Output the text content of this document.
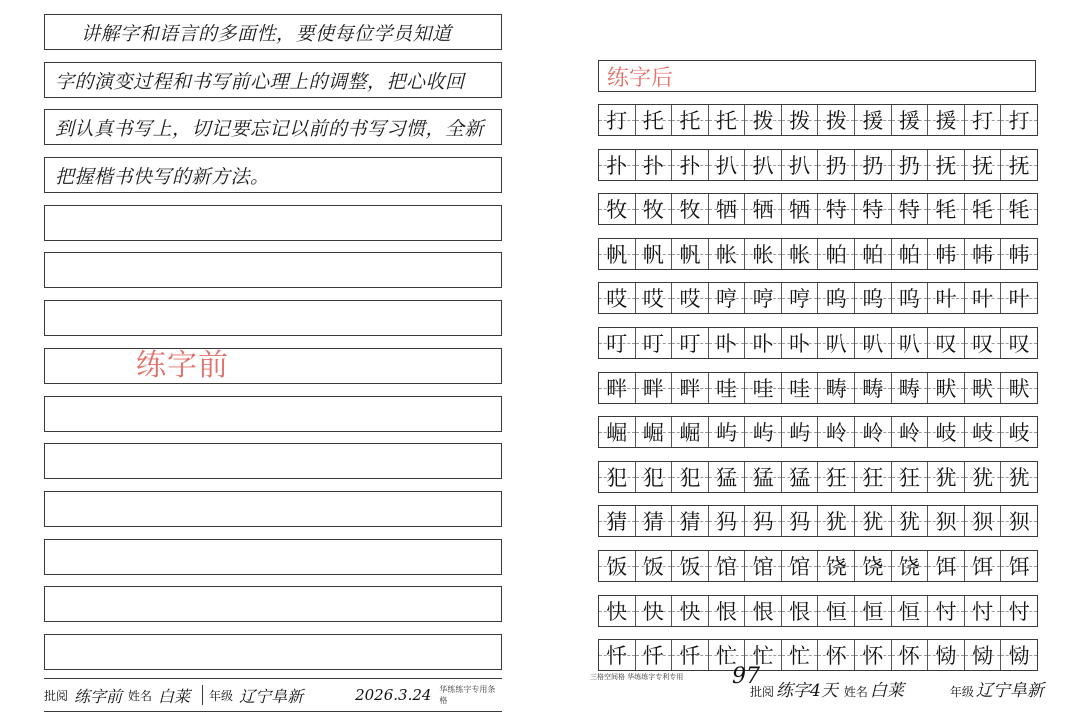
讲解字和语言的多面性，要使每位学员知道
字的演变过程和书写前心理上的调整，把心收回
到认真书写上，切记要忘记以前的书写习惯，全新
把握楷书快写的新方法。
练字前
批阅 练字前 姓名 白莱 年级 辽宁阜新	2026.3.24 华练练字专用条格
练字后
打 托 托 托 拨 拨 拨 援 援 援 打 打
扑 扑 扑 扒 扒 扒 扔 扔 扔 抚 抚 抚
牧 牧 牧 牺 牺 牺 特 特 特 牦 牦 牦
帆 帆 帆 帐 帐 帐 帕 帕 帕 帏 帏 帏
哎 哎 哎 哼 哼 哼 呜 呜 呜 叶 叶 叶
叮 叮 叮 卟 卟 卟 叭 叭 叭 叹 叹 叹
畔 畔 畔 哇 哇 哇 畴 畴 畴 畎 畎 畎
崛 崛 崛 屿 屿 屿 岭 岭 岭 岐 岐 岐
犯 犯 犯 猛 猛 猛 狂 狂 狂 犹 犹 犹
猜 猜 猜 犸 犸 犸 犹 犹 犹 狈 狈 狈
饭 饭 饭 馆 馆 馆 饶 饶 饶 饵 饵 饵
快 快 快 恨 恨 恨 恒 恒 恒 忖 忖 忖
忏 忏 忏 忙 忙 忙 怀 怀 怀 恸 恸 恸
三格空间格 华练练字专利专用 97
批阅 练字4天 姓名 白莱	年级 辽宁阜新
